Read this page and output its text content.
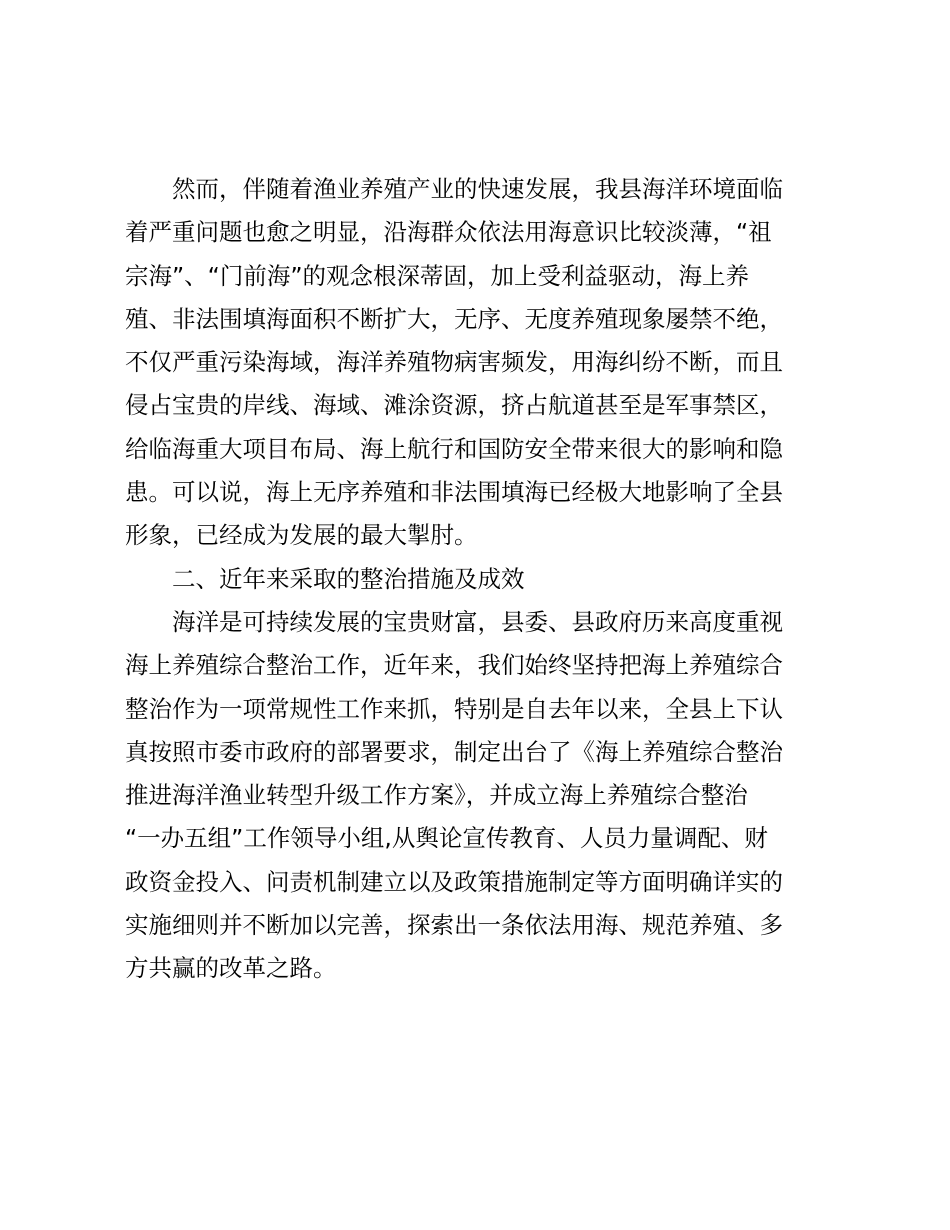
然而，伴随着渔业养殖产业的快速发展，我县海洋环境面临
着严重问题也愈之明显，沿海群众依法用海意识比较淡薄，“祖
宗海”、“门前海”的观念根深蒂固，加上受利益驱动，海上养
殖、非法围填海面积不断扩大，无序、无度养殖现象屡禁不绝，
不仅严重污染海域，海洋养殖物病害频发，用海纠纷不断，而且
侵占宝贵的岸线、海域、滩涂资源，挤占航道甚至是军事禁区，
给临海重大项目布局、海上航行和国防安全带来很大的影响和隐
患。可以说，海上无序养殖和非法围填海已经极大地影响了全县
形象，已经成为发展的最大掣肘。
二、近年来采取的整治措施及成效
海洋是可持续发展的宝贵财富，县委、县政府历来高度重视
海上养殖综合整治工作，近年来，我们始终坚持把海上养殖综合
整治作为一项常规性工作来抓，特别是自去年以来，全县上下认
真按照市委市政府的部署要求，制定出台了《海上养殖综合整治
推进海洋渔业转型升级工作方案》，并成立海上养殖综合整治
“一办五组”工作领导小组,从舆论宣传教育、人员力量调配、财
政资金投入、问责机制建立以及政策措施制定等方面明确详实的
实施细则并不断加以完善，探索出一条依法用海、规范养殖、多
方共赢的改革之路。
